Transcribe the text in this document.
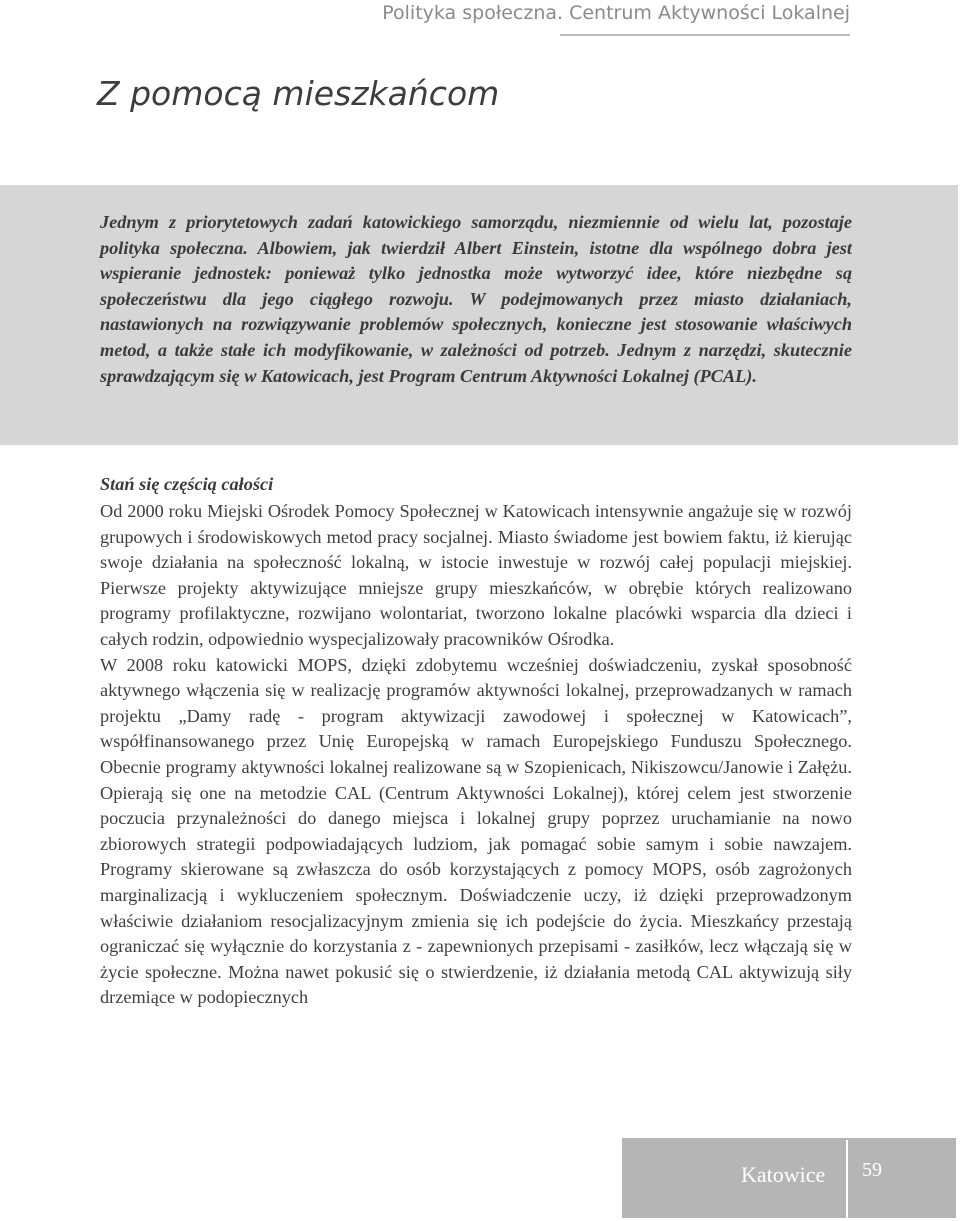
Polityka społeczna. Centrum Aktywności Lokalnej
Z pomocą mieszkańcom

Jednym z priorytetowych zadań katowickiego samorządu, niezmiennie od wielu lat, pozostaje polityka społeczna. Albowiem, jak twierdził Albert Einstein, istotne dla wspólnego dobra jest wspieranie jednostek: ponieważ tylko jednostka może wytworzyć idee, które niezbędne są społeczeństwu dla jego ciągłego rozwoju. W podejmowanych przez miasto działaniach, nastawionych na rozwiązywanie problemów społecznych, konieczne jest stosowanie właściwych metod, a także stałe ich modyfikowanie, w zależności od potrzeb. Jednym z narzędzi, skutecznie sprawdzającym się w Katowicach, jest Program Centrum Aktywności Lokalnej (PCAL).

Stań się częścią całości

Od 2000 roku Miejski Ośrodek Pomocy Społecznej w Katowicach intensywnie angażuje się w rozwój grupowych i środowiskowych metod pracy socjalnej. Miasto świadome jest bowiem faktu, iż kierując swoje działania na społeczność lokalną, w istocie inwestuje w rozwój całej populacji miejskiej. Pierwsze projekty aktywizujące mniejsze grupy mieszkańców, w obrębie których realizowano programy profilaktyczne, rozwijano wolontariat, tworzono lokalne placówki wsparcia dla dzieci i całych rodzin, odpowiednio wyspecjalizowały pracowników Ośrodka.

W 2008 roku katowicki MOPS, dzięki zdobytemu wcześniej doświadczeniu, zyskał sposobność aktywnego włączenia się w realizację programów aktywności lokalnej, przeprowadzanych w ramach projektu „Damy radę - program aktywizacji zawodowej i społecznej w Katowicach”, współfinansowanego przez Unię Europejską w ramach Europejskiego Funduszu Społecznego. Obecnie programy aktywności lokalnej realizowane są w Szopienicach, Nikiszowcu/Janowie i Załężu. Opierają się one na metodzie CAL (Centrum Aktywności Lokalnej), której celem jest stworzenie poczucia przynależności do danego miejsca i lokalnej grupy poprzez uruchamianie na nowo zbiorowych strategii podpowiadających ludziom, jak pomagać sobie samym i sobie nawzajem. Programy skierowane są zwłaszcza do osób korzystających z pomocy MOPS, osób zagrożonych marginalizacją i wykluczeniem społecznym. Doświadczenie uczy, iż dzięki przeprowadzonym właściwie działaniom resocjalizacyjnym zmienia się ich podejście do życia. Mieszkańcy przestają ograniczać się wyłącznie do korzystania z - zapewnionych przepisami - zasiłków, lecz włączają się w życie społeczne. Można nawet pokusić się o stwierdzenie, iż działania metodą CAL aktywizują siły drzemiące w podopiecznych

Katowice 59
